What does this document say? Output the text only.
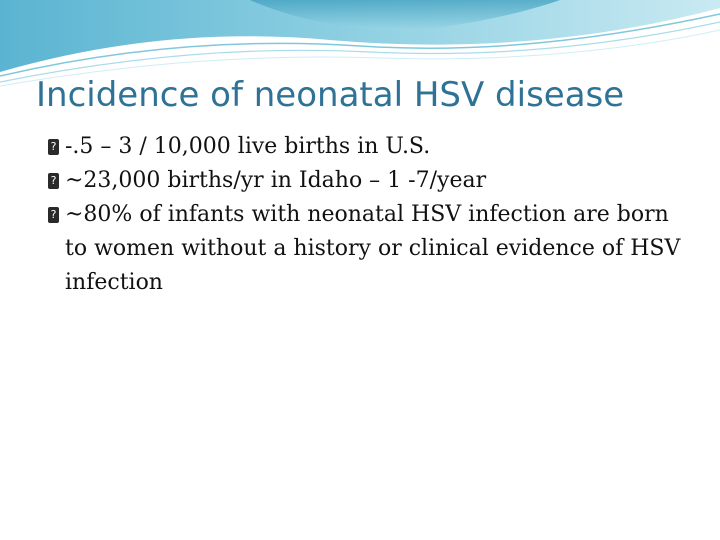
Incidence of neonatal HSV disease
? -.5 – 3 / 10,000 live births in U.S.
? ~23,000 births/yr in Idaho – 1 -7/year
? ~80% of infants with neonatal HSV infection are born to women without a history or clinical evidence of HSV infection
